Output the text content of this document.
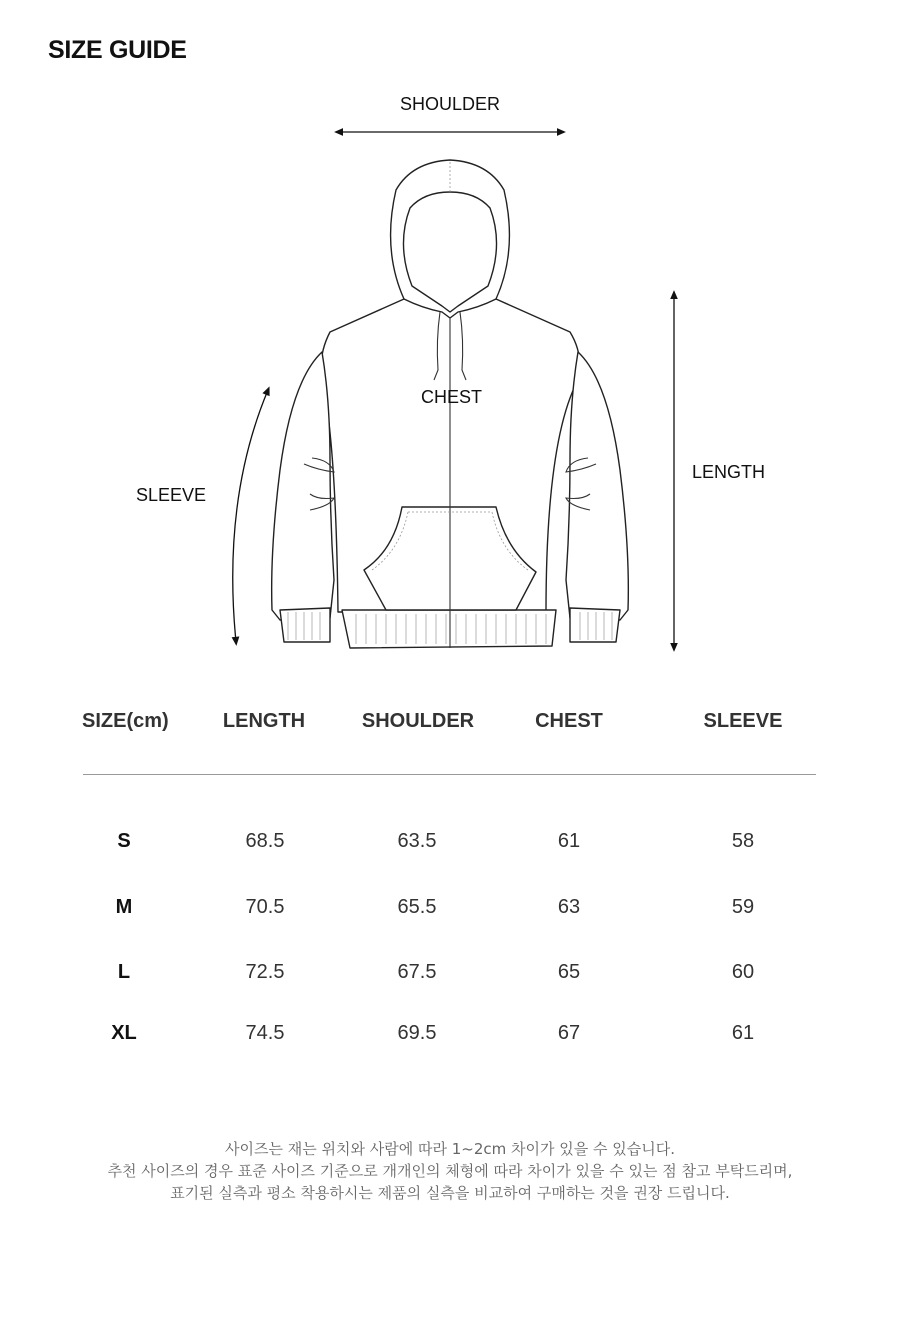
SIZE GUIDE
SHOULDER
CHEST
SLEEVE
LENGTH
SIZE(cm)	LENGTH	SHOULDER	CHEST	SLEEVE
S	68.5	63.5	61	58
M	70.5	65.5	63	59
L	72.5	67.5	65	60
XL	74.5	69.5	67	61
사이즈는 재는 위치와 사람에 따라 1~2cm 차이가 있을 수 있습니다.
추천 사이즈의 경우 표준 사이즈 기준으로 개개인의 체형에 따라 차이가 있을 수 있는 점 참고 부탁드리며,
표기된 실측과 평소 착용하시는 제품의 실측을 비교하여 구매하는 것을 권장 드립니다.
